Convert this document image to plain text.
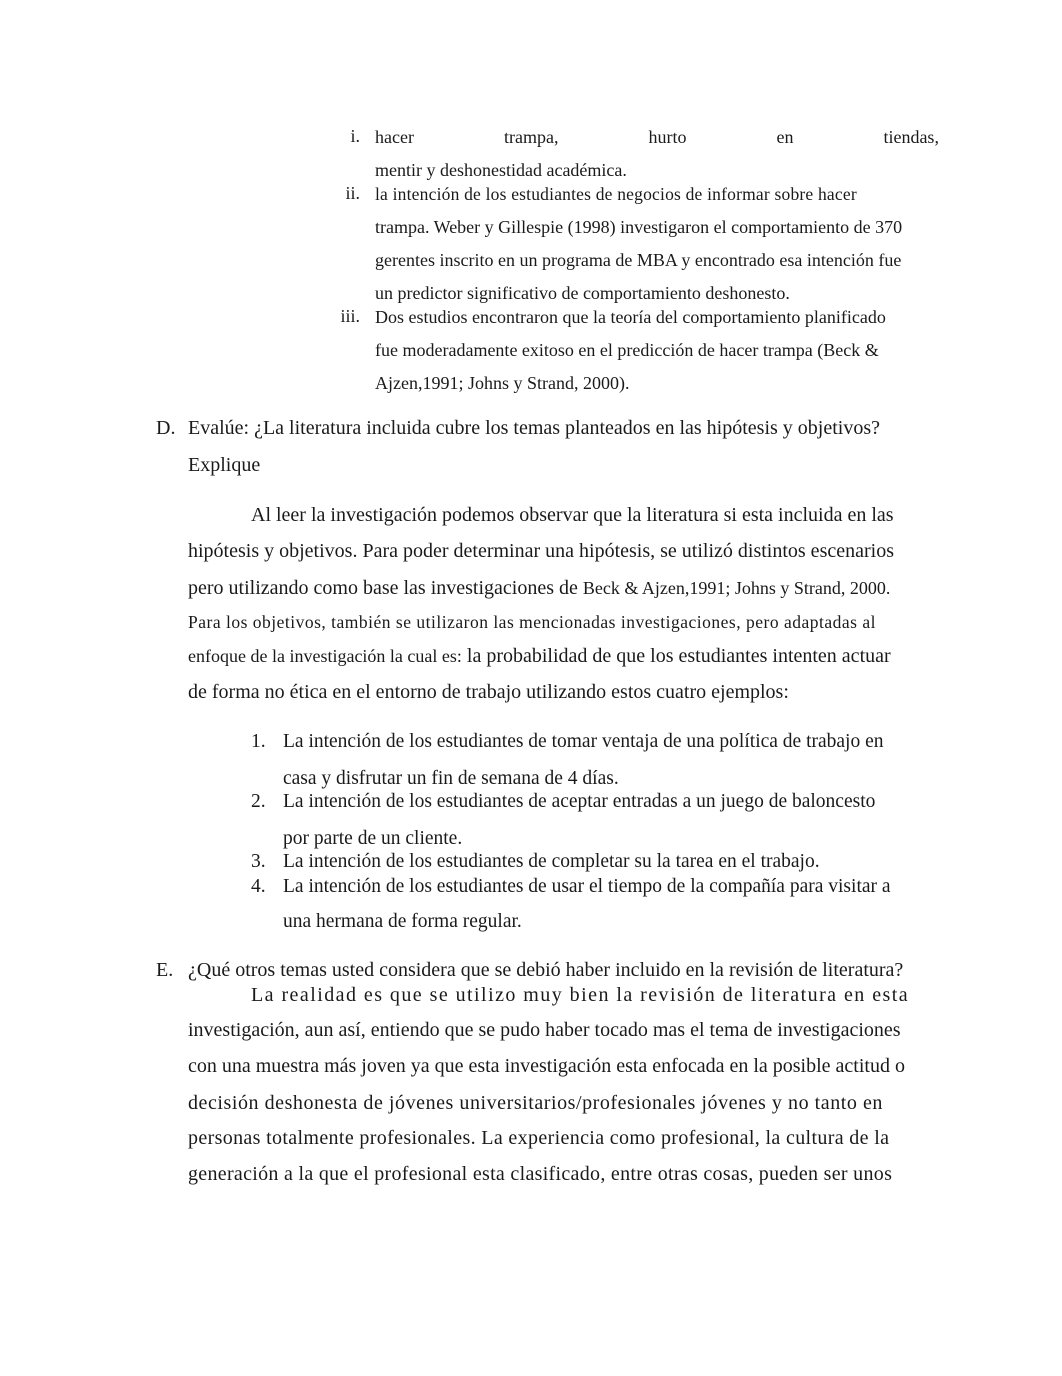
i. hacer	trampa,	hurto	en	tiendas,

mentir y deshonestidad académica.

ii. la intención de los estudiantes de negocios de informar sobre hacer

trampa. Weber y Gillespie (1998) investigaron el comportamiento de 370

gerentes inscrito en un programa de MBA y encontrado esa intención fue

un predictor significativo de comportamiento deshonesto.

iii. Dos estudios encontraron que la teoría del comportamiento planificado

fue moderadamente exitoso en el predicción de hacer trampa (Beck &

Ajzen,1991; Johns y Strand, 2000).

D. Evalúe: ¿La literatura incluida cubre los temas planteados en las hipótesis y objetivos?

Explique

Al leer la investigación podemos observar que la literatura si esta incluida en las

hipótesis y objetivos. Para poder determinar una hipótesis, se utilizó distintos escenarios

pero utilizando como base las investigaciones de Beck & Ajzen,1991; Johns y Strand, 2000.

Para los objetivos, también se utilizaron las mencionadas investigaciones, pero adaptadas al

enfoque de la investigación la cual es: la probabilidad de que los estudiantes intenten actuar

de forma no ética en el entorno de trabajo utilizando estos cuatro ejemplos:

1. La intención de los estudiantes de tomar ventaja de una política de trabajo en

casa y disfrutar un fin de semana de 4 días.

2. La intención de los estudiantes de aceptar entradas a un juego de baloncesto

por parte de un cliente.

3. La intención de los estudiantes de completar su la tarea en el trabajo.

4. La intención de los estudiantes de usar el tiempo de la compañía para visitar a

una hermana de forma regular.

E. ¿Qué otros temas usted considera que se debió haber incluido en la revisión de literatura?

La realidad es que se utilizo muy bien la revisión de literatura en esta

investigación, aun así, entiendo que se pudo haber tocado mas el tema de investigaciones

con una muestra más joven ya que esta investigación esta enfocada en la posible actitud o

decisión deshonesta de jóvenes universitarios/profesionales jóvenes y no tanto en

personas totalmente profesionales. La experiencia como profesional, la cultura de la

generación a la que el profesional esta clasificado, entre otras cosas, pueden ser unos
